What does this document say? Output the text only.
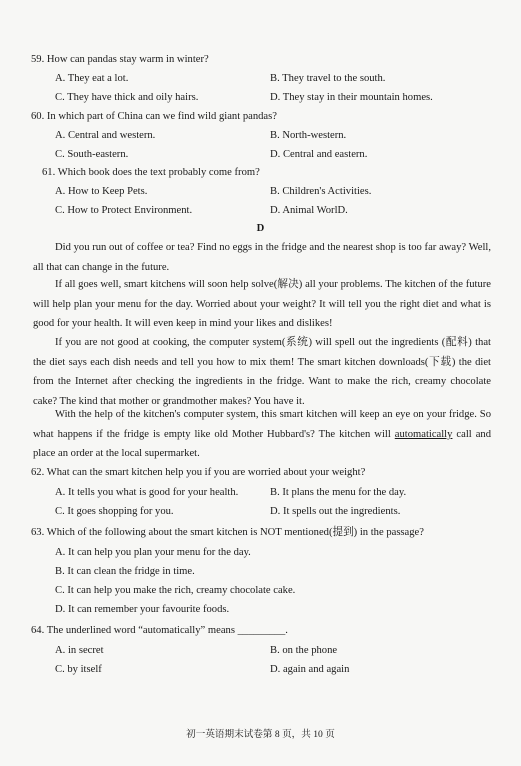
59. How can pandas stay warm in winter?
A. They eat a lot.	B. They travel to the south.
C. They have thick and oily hairs.	D. They stay in their mountain homes.
60. In which part of China can we find wild giant pandas?
A. Central and western.	B. North-western.
C. South-eastern.	D. Central and eastern.
61. Which book does the text probably come from?
A. How to Keep Pets.	B. Children's Activities.
C. How to Protect Environment.	D. Animal WorlD.
D
Did you run out of coffee or tea? Find no eggs in the fridge and the nearest shop is too far away? Well, all that can change in the future.
If all goes well, smart kitchens will soon help solve(解决) all your problems. The kitchen of the future will help plan your menu for the day. Worried about your weight? It will tell you the right diet and what is good for your health. It will even keep in mind your likes and dislikes!
If you are not good at cooking, the computer system(系统) will spell out the ingredients (配料) that the diet says each dish needs and tell you how to mix them! The smart kitchen downloads(下载) the diet from the Internet after checking the ingredients in the fridge. Want to make the rich, creamy chocolate cake? The kind that mother or grandmother makes? You have it.
With the help of the kitchen's computer system, this smart kitchen will keep an eye on your fridge. So what happens if the fridge is empty like old Mother Hubbard's? The kitchen will automatically call and place an order at the local supermarket.
62. What can the smart kitchen help you if you are worried about your weight?
A. It tells you what is good for your health.	B. It plans the menu for the day.
C. It goes shopping for you.	D. It spells out the ingredients.
63. Which of the following about the smart kitchen is NOT mentioned(提到) in the passage?
A. It can help you plan your menu for the day.
B. It can clean the fridge in time.
C. It can help you make the rich, creamy chocolate cake.
D. It can remember your favourite foods.
64. The underlined word “automatically” means _________.
A. in secret	B. on the phone
C. by itself	D. again and again
初一英语期末试卷第 8 页，共 10 页
